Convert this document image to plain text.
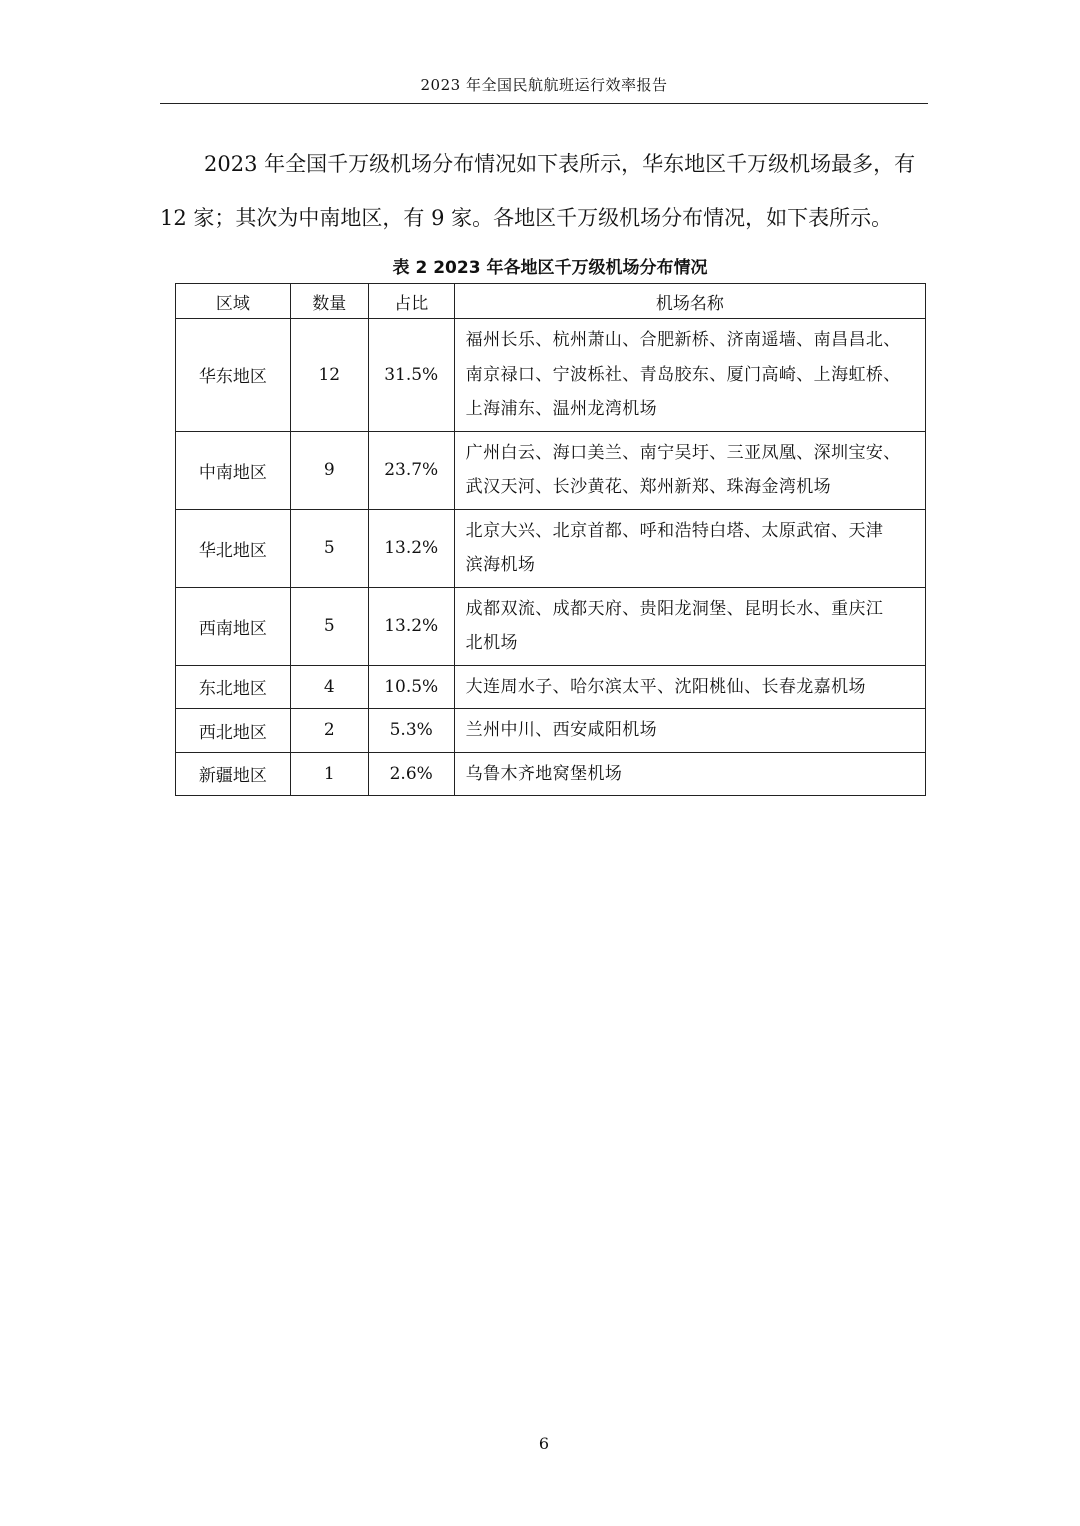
2023 年全国民航航班运行效率报告
2023 年全国千万级机场分布情况如下表所示，华东地区千万级机场最多，有
12 家；其次为中南地区，有 9 家。各地区千万级机场分布情况，如下表所示。
表 2 2023 年各地区千万级机场分布情况
区域	数量	占比	机场名称
华东地区	12	31.5%	福州长乐、杭州萧山、合肥新桥、济南遥墙、南昌昌北、
南京禄口、宁波栎社、青岛胶东、厦门高崎、上海虹桥、
上海浦东、温州龙湾机场

中南地区	9	23.7%	广州白云、海口美兰、南宁吴圩、三亚凤凰、深圳宝安、
武汉天河、长沙黄花、郑州新郑、珠海金湾机场

华北地区	5	13.2%	北京大兴、北京首都、呼和浩特白塔、太原武宿、天津
滨海机场

西南地区	5	13.2%	成都双流、成都天府、贵阳龙洞堡、昆明长水、重庆江
北机场

东北地区	4	10.5%	大连周水子、哈尔滨太平、沈阳桃仙、长春龙嘉机场

西北地区	2	5.3%	兰州中川、西安咸阳机场

新疆地区	1	2.6%	乌鲁木齐地窝堡机场
6
